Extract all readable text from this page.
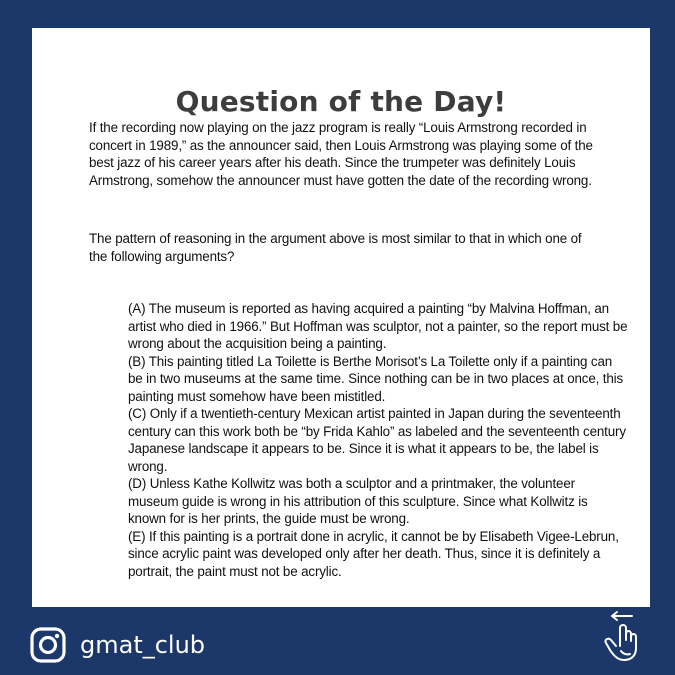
Question of the Day!

If the recording now playing on the jazz program is really “Louis Armstrong recorded in concert in 1989,” as the announcer said, then Louis Armstrong was playing some of the best jazz of his career years after his death. Since the trumpeter was definitely Louis Armstrong, somehow the announcer must have gotten the date of the recording wrong.

The pattern of reasoning in the argument above is most similar to that in which one of the following arguments?

(A) The museum is reported as having acquired a painting “by Malvina Hoffman, an artist who died in 1966.” But Hoffman was sculptor, not a painter, so the report must be wrong about the acquisition being a painting.

(B) This painting titled La Toilette is Berthe Morisot’s La Toilette only if a painting can be in two museums at the same time. Since nothing can be in two places at once, this painting must somehow have been mistitled.

(C) Only if a twentieth-century Mexican artist painted in Japan during the seventeenth century can this work both be “by Frida Kahlo” as labeled and the seventeenth century Japanese landscape it appears to be. Since it is what it appears to be, the label is wrong.

(D) Unless Kathe Kollwitz was both a sculptor and a printmaker, the volunteer museum guide is wrong in his attribution of this sculpture. Since what Kollwitz is known for is her prints, the guide must be wrong.

(E) If this painting is a portrait done in acrylic, it cannot be by Elisabeth Vigee-Lebrun, since acrylic paint was developed only after her death. Thus, since it is definitely a portrait, the paint must not be acrylic.

gmat_club
